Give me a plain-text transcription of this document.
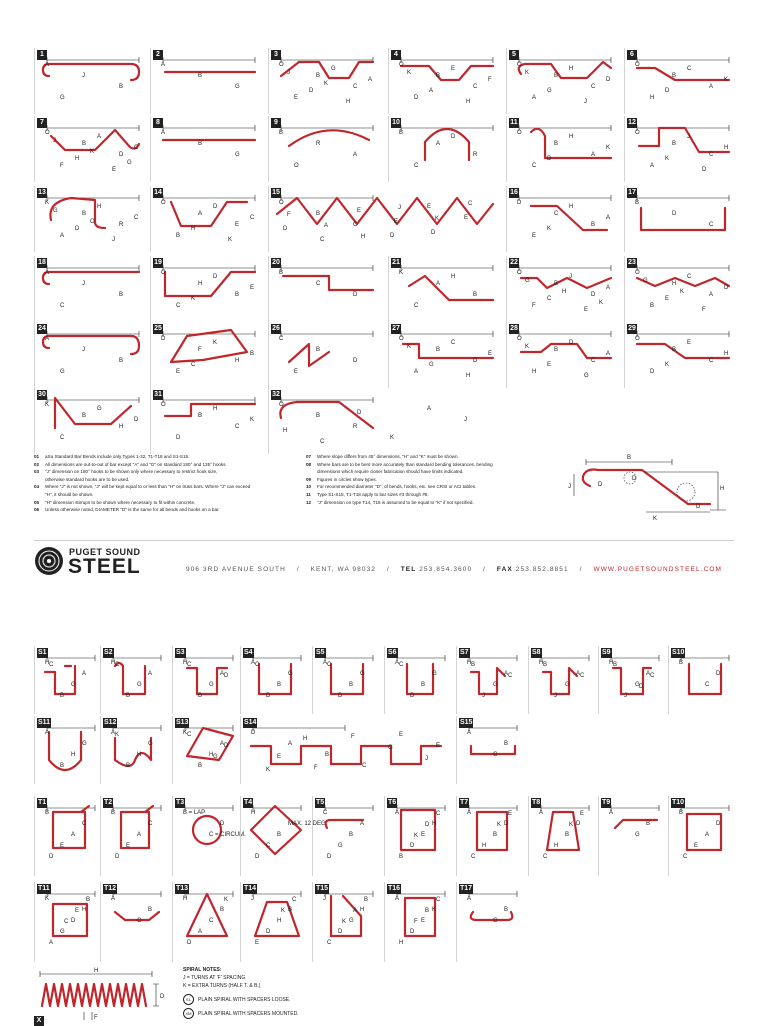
A
J
B
G
1
A
B
G
2
O
B
C
E
G
A
D
H
J
K
3
O
B
C
D
E
F
A
H
K
4
O
B
C
A
H
D
G
J
K
5
O
B
A
H
C
K
D
6
O
B
D
F
A
C
H
E
J
K
G
7
A
B
G
8
B
R
A
O
9
B
A
R
C
D
10
O
B
A
C
H
K
D
11
O
B
C
A
J
H
K
D
12
K
B
R
A
H
C
D
J
G
O
13
O
A
E
B
D
C
H
K
14
O
B
C
D
E
E
D
C
E
E
D
C
F
A
H
J
K
15
D
C
B
E
H
A
K
16
B
D
C
17
A
J
B
C
18
O
H
B
C
D
E
K
19
B
C
D
20
K
A
B
C
H
21
O
B
D
F
J
A
C
E
G
H
K
22
O
H
A
B
C
D
E
F
G
K
23
A
J
B
G
24
D
F
H
E
K
B
C
25
C
B
D
E
26
O
B
D
A
C
E
G
H
K
27
O
B
C
H
D
A
E
G
K
28
O
B
C
D
E
H
K
29
K
B
H
C
G
D
30
O
B
C
D
H
K
31
O
B
R
K
A
J
H
C
D
32
01 aSa Standard Bar Bends include only Types 1-32, T1-T18 and S1-S15.
02 All dimensions are out-to-out of bar except "A" and "G" on standard 180° and 135° hooks.
03 "J" dimension on 180° hooks to be shown only where necessary to restrict hook size,
otherwise standard hooks are to be used.
04 Where "J" is not shown, "J" will be kept equal to or less than "H" on truss bars. Where "J" can exceed
"H", it should be shown.
05 "H" dimension stirrups to be shown where necessary to fit within concrete.
06 Unless otherwise noted, DIAMETER "D" is the same for all bends and hooks on a bar.
07 Where slope differs from 45° dimensions, "H" and "K" must be shown.
08 Where bars are to be bent more accurately than standard bending tolerances, bending
dimensions which require closer fabrication should have limits indicated.
09 Figures in circles show types.
10 For recommended diameter "D", of bends, hooks, etc. see CRSI or ACI tables.
11 Type S1-S15, T1-T18 apply to bar sizes #3 through #8.
12 "J" dimension on type T14, T18 is assumed to be equal to "K" if not specified.
B
J	D
D
H
K
D
PUGET SOUND
STEEL	906 3RD AVENUE SOUTH / KENT, WA 98032 / TEL 253.854.3600 / FAX 253.852.8851 / WWW.PUGETSOUNDSTEEL.COM
H
A
G
B
C
S1
H
A
G
B
C
S2
H
A
G
B
C
D
S3
A
G
B
D
C
S4
A
G
B
D
C
S5
A
G
B
D
C
S6
H
A
G
J
B
C
S7
H
A
G
J
B
C
S8
H
A
G
J
B
C
D
S9
B
D
C
S10
A
G
H
B
S11
A
G
H
B
K
S12
K
A
H
B
C
D
G
S13
D
A
B
C
E
E
E
F
F
G
J
K
H
S14
A
B
G
S15
B
C
A
E
D
T1
B
C
A
E
D
T2
B = LAP
D
C = CIRCUM.
T3
H
MAX. 12 DEG.
B
C
D
T4
C
A
B
G
D
T5
A
H
E
D
B
C
D
K
T6
A
D
B
H
C
E
K
T7
A
D
B
H
C
E
K
T8
A
B
G
T9
B
D
A
E
C
T10
K
H
D
G
A
B
E
C
T11
A
B
G
T12
H
B
C
A
D
K
T13
J
B
H
D
E
C
K
T14
J
H
G
D
C
B
A
K
T15
A
K
E
D
H
C
B
F
T16
A
B
G
T17
H
D
F
X
SPIRAL NOTES:
J = TURNS AT 'F' SPACING
K = EXTRA TURNS (HALF T. & B.)
SL PLAIN SPIRAL WITH SPACERS LOOSE.
XM PLAIN SPIRAL WITH SPACERS MOUNTED.
